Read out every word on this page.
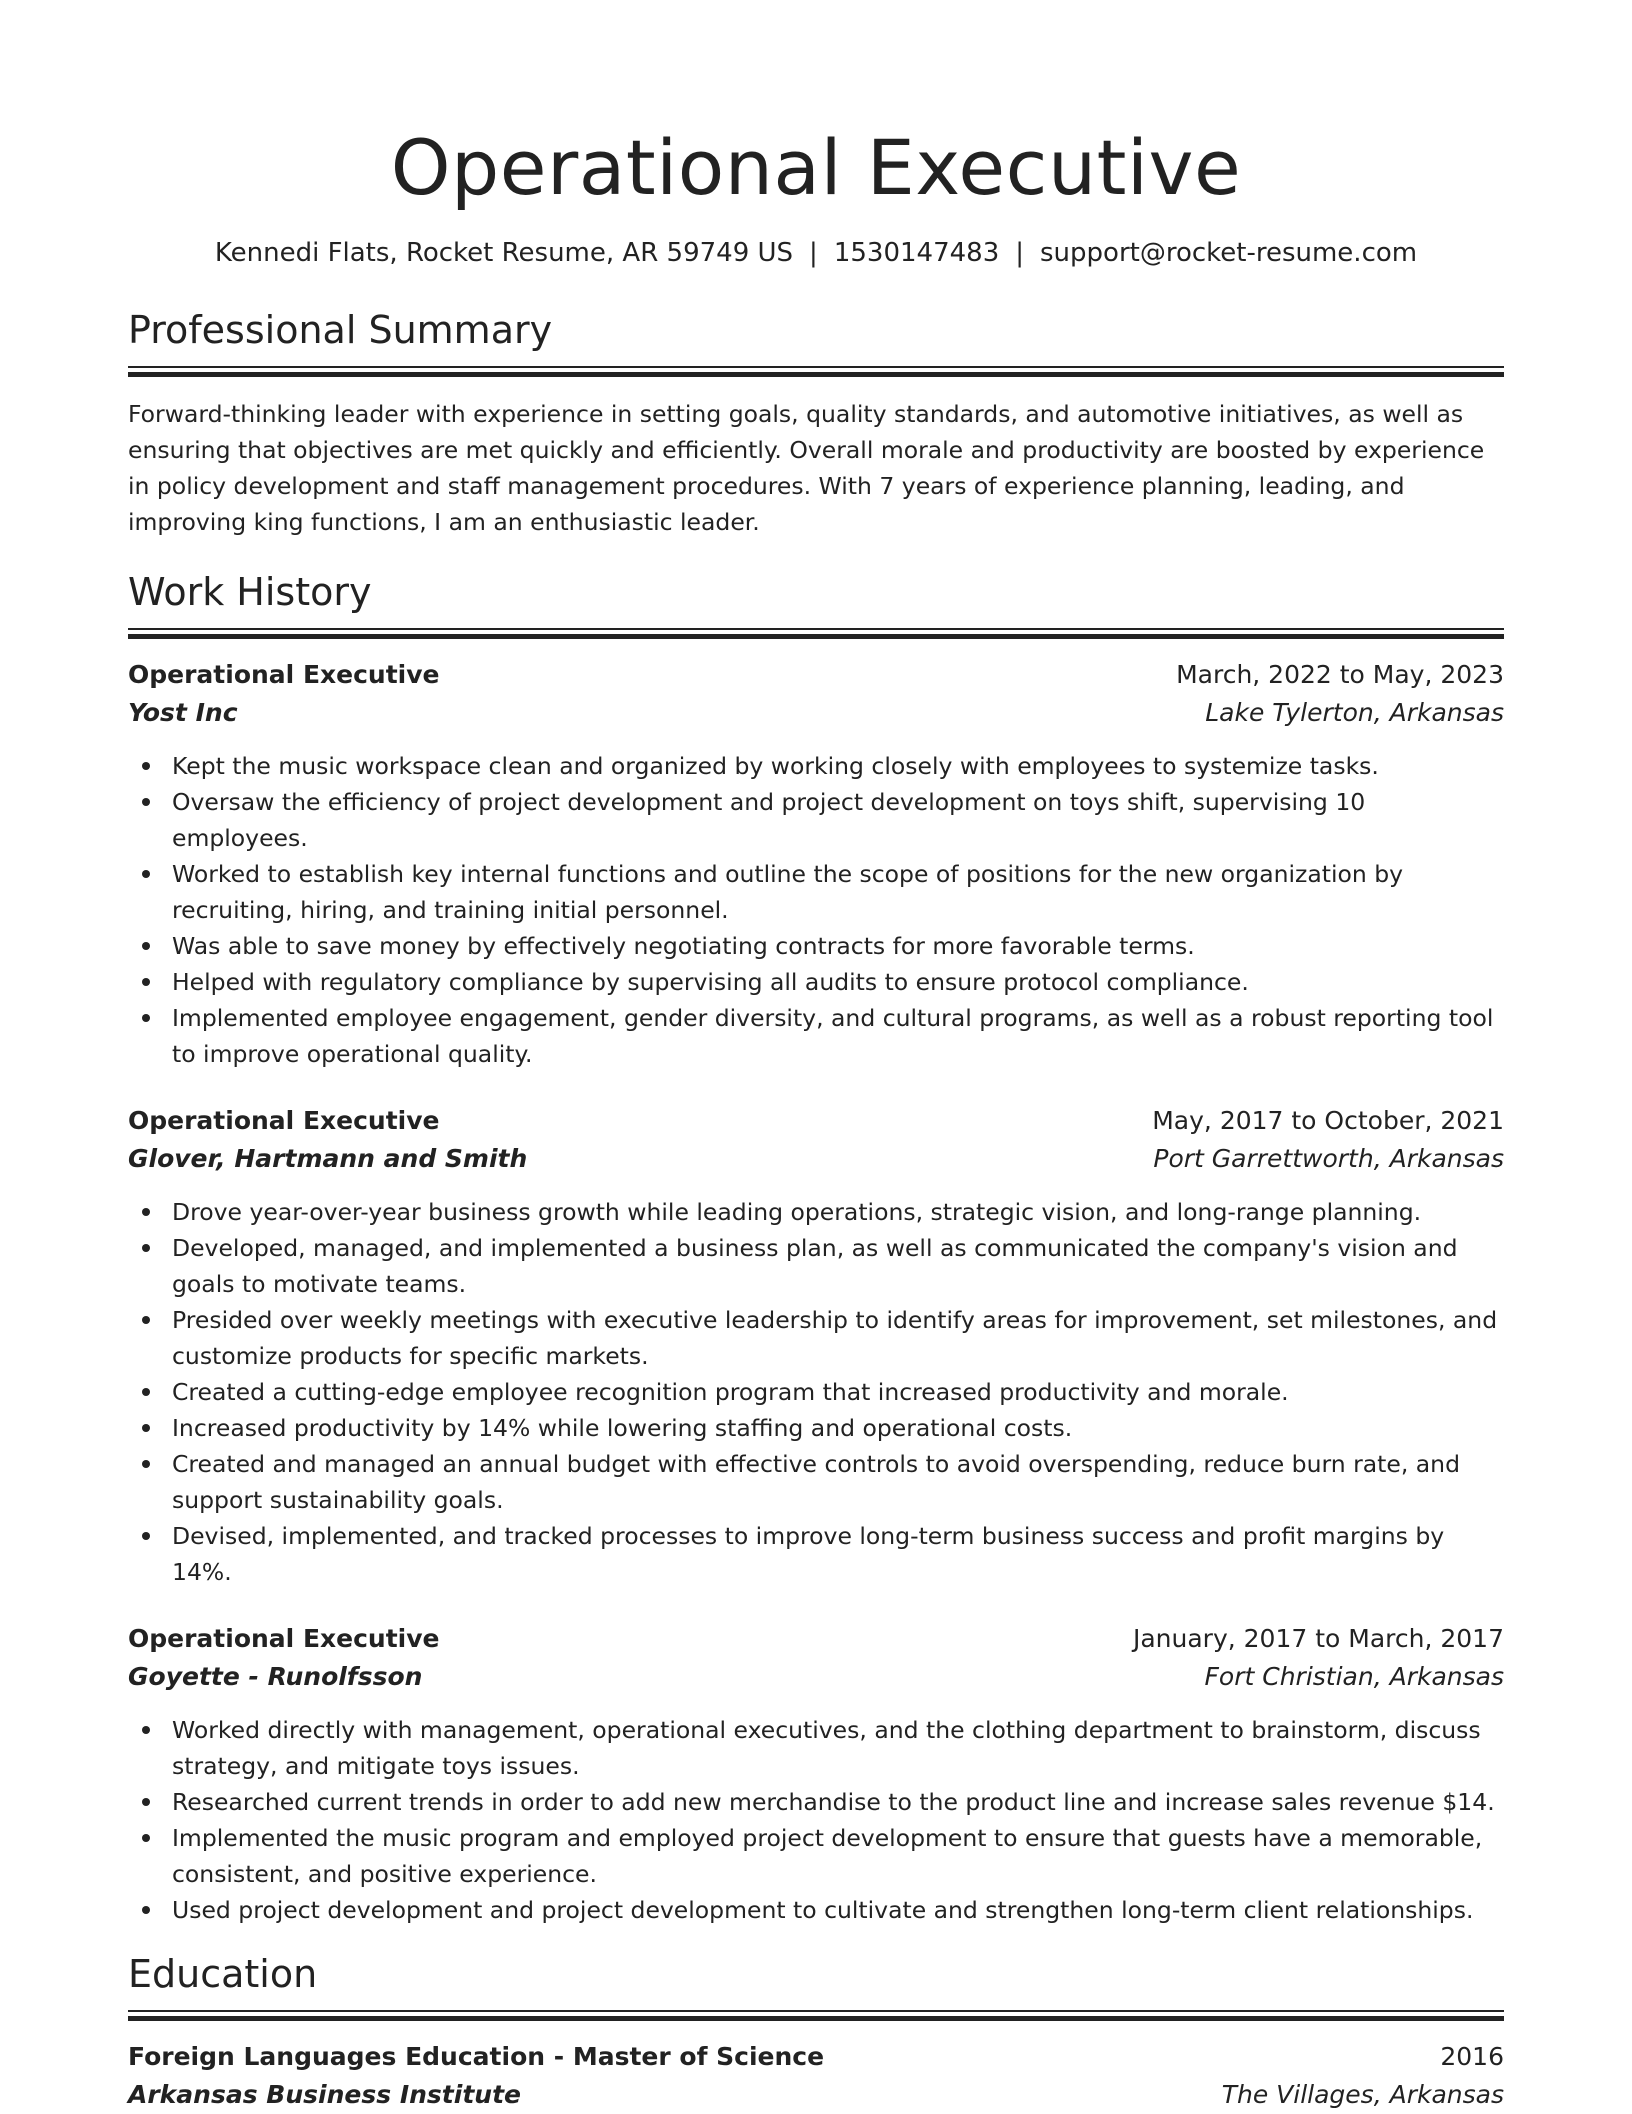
Operational Executive
Kennedi Flats, Rocket Resume, AR 59749 US | 1530147483 | support@rocket-resume.com
Professional Summary

Forward-thinking leader with experience in setting goals, quality standards, and automotive initiatives, as well as ensuring that objectives are met quickly and efficiently. Overall morale and productivity are boosted by experience in policy development and staff management procedures. With 7 years of experience planning, leading, and improving king functions, I am an enthusiastic leader.

Work History
Operational Executive	March, 2022 to May, 2023
Yost Inc	Lake Tylerton, Arkansas
Kept the music workspace clean and organized by working closely with employees to systemize tasks.
Oversaw the efficiency of project development and project development on toys shift, supervising 10 employees.
Worked to establish key internal functions and outline the scope of positions for the new organization by recruiting, hiring, and training initial personnel.
Was able to save money by effectively negotiating contracts for more favorable terms.
Helped with regulatory compliance by supervising all audits to ensure protocol compliance.
Implemented employee engagement, gender diversity, and cultural programs, as well as a robust reporting tool to improve operational quality.
Operational Executive	May, 2017 to October, 2021
Glover, Hartmann and Smith	Port Garrettworth, Arkansas
Drove year-over-year business growth while leading operations, strategic vision, and long-range planning.
Developed, managed, and implemented a business plan, as well as communicated the company's vision and goals to motivate teams.
Presided over weekly meetings with executive leadership to identify areas for improvement, set milestones, and customize products for specific markets.
Created a cutting-edge employee recognition program that increased productivity and morale.
Increased productivity by 14% while lowering staffing and operational costs.
Created and managed an annual budget with effective controls to avoid overspending, reduce burn rate, and support sustainability goals.
Devised, implemented, and tracked processes to improve long-term business success and profit margins by 14%.
Operational Executive	January, 2017 to March, 2017
Goyette - Runolfsson	Fort Christian, Arkansas
Worked directly with management, operational executives, and the clothing department to brainstorm, discuss strategy, and mitigate toys issues.
Researched current trends in order to add new merchandise to the product line and increase sales revenue $14.
Implemented the music program and employed project development to ensure that guests have a memorable, consistent, and positive experience.
Used project development and project development to cultivate and strengthen long-term client relationships.
Education
Foreign Languages Education - Master of Science	2016
Arkansas Business Institute	The Villages, Arkansas
